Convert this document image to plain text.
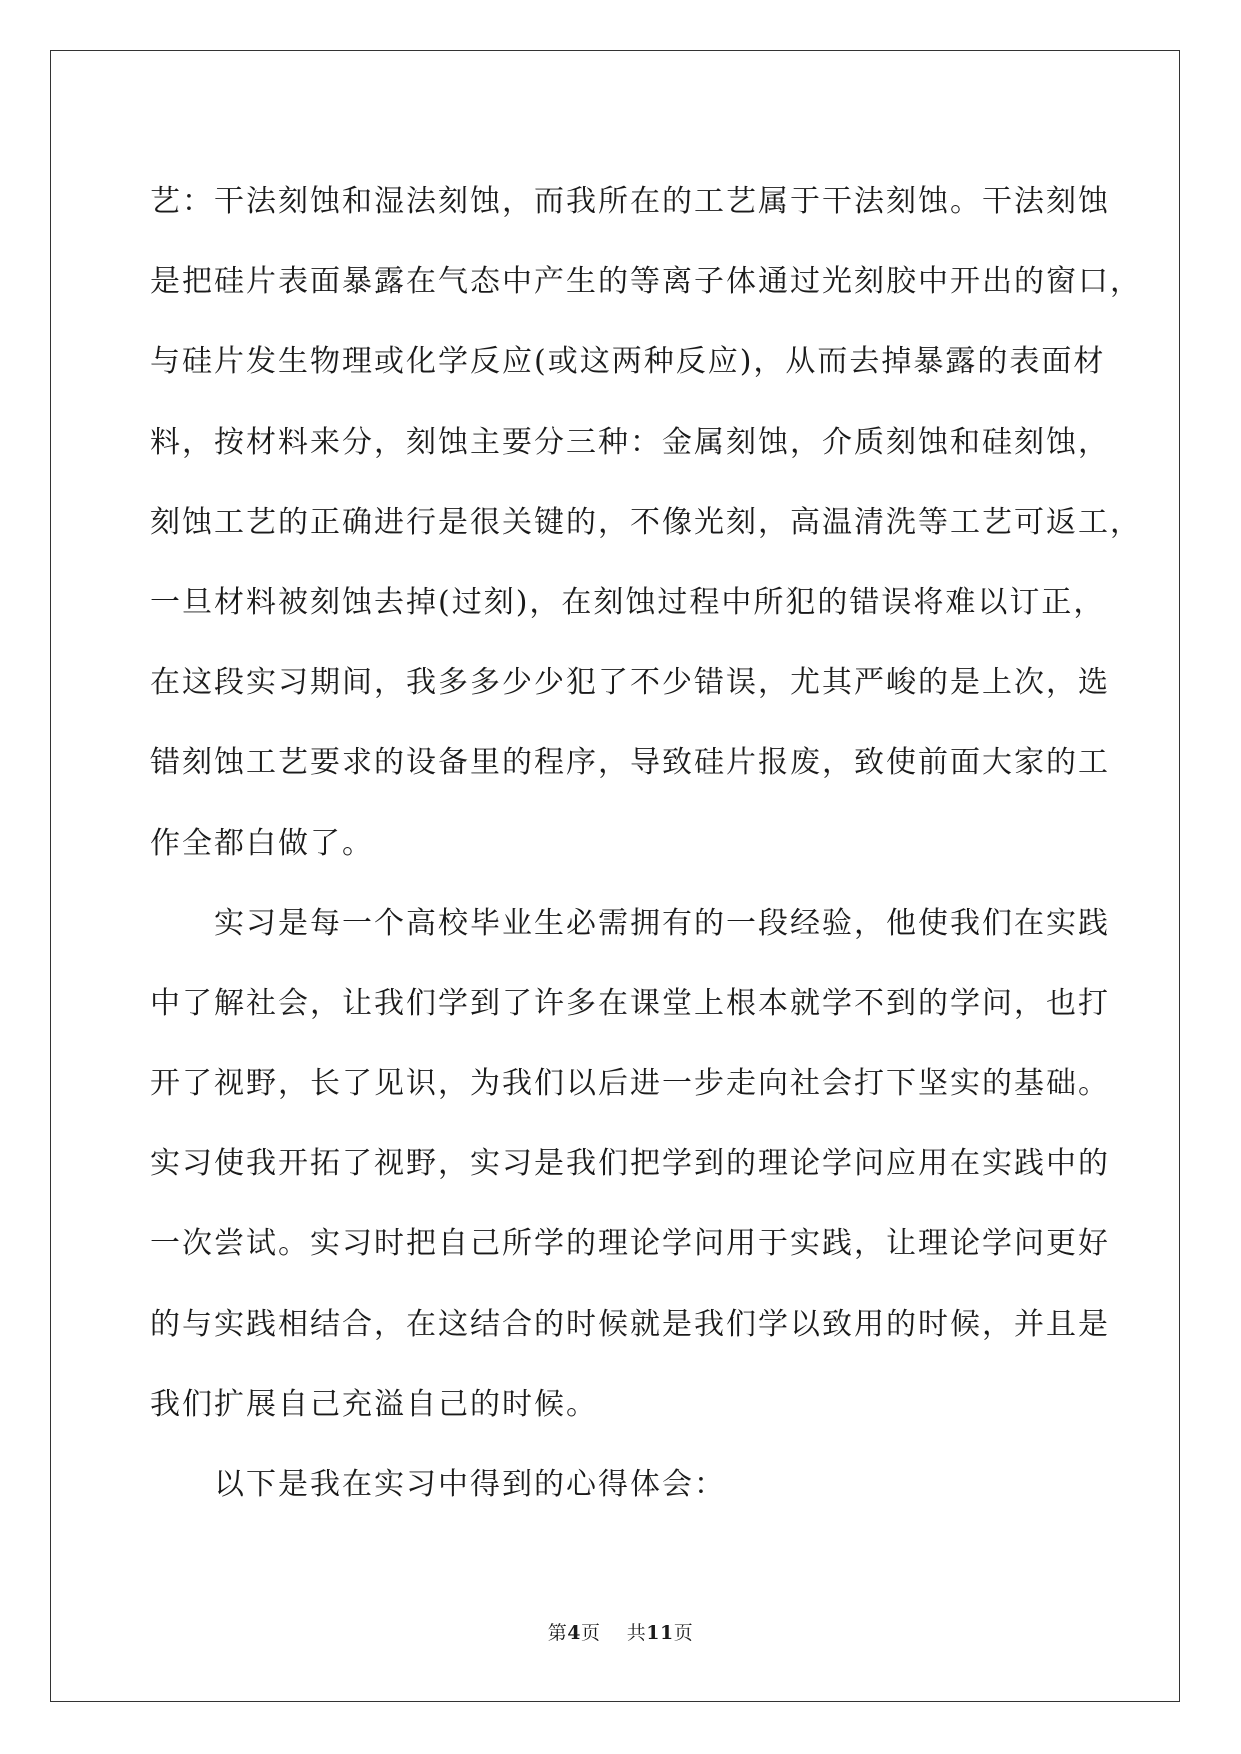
艺：干法刻蚀和湿法刻蚀，而我所在的工艺属于干法刻蚀。干法刻蚀
是把硅片表面暴露在气态中产生的等离子体通过光刻胶中开出的窗口，
与硅片发生物理或化学反应(或这两种反应)，从而去掉暴露的表面材
料，按材料来分，刻蚀主要分三种：金属刻蚀，介质刻蚀和硅刻蚀，
刻蚀工艺的正确进行是很关键的，不像光刻，高温清洗等工艺可返工，
一旦材料被刻蚀去掉(过刻)，在刻蚀过程中所犯的错误将难以订正，
在这段实习期间，我多多少少犯了不少错误，尤其严峻的是上次，选
错刻蚀工艺要求的设备里的程序，导致硅片报废，致使前面大家的工
作全都白做了。
实习是每一个高校毕业生必需拥有的一段经验，他使我们在实践
中了解社会，让我们学到了许多在课堂上根本就学不到的学问，也打
开了视野，长了见识，为我们以后进一步走向社会打下坚实的基础。
实习使我开拓了视野，实习是我们把学到的理论学问应用在实践中的
一次尝试。实习时把自己所学的理论学问用于实践，让理论学问更好
的与实践相结合，在这结合的时候就是我们学以致用的时候，并且是
我们扩展自己充溢自己的时候。
以下是我在实习中得到的心得体会：
第4页 共11页
